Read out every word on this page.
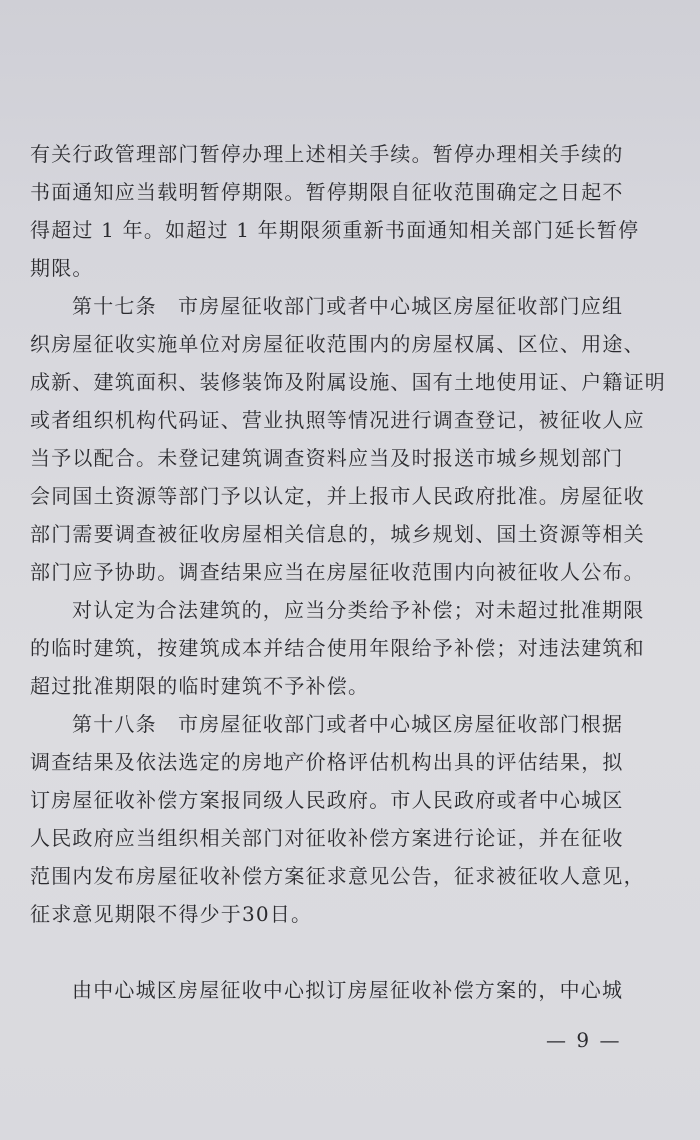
有关行政管理部门暂停办理上述相关手续。暂停办理相关手续的
书面通知应当载明暂停期限。暂停期限自征收范围确定之日起不
得超过 1 年。如超过 1 年期限须重新书面通知相关部门延长暂停
期限。
第十七条　市房屋征收部门或者中心城区房屋征收部门应组
织房屋征收实施单位对房屋征收范围内的房屋权属、区位、用途、
成新、建筑面积、装修装饰及附属设施、国有土地使用证、户籍证明
或者组织机构代码证、营业执照等情况进行调查登记，被征收人应
当予以配合。未登记建筑调查资料应当及时报送市城乡规划部门
会同国土资源等部门予以认定，并上报市人民政府批准。房屋征收
部门需要调查被征收房屋相关信息的，城乡规划、国土资源等相关
部门应予协助。调查结果应当在房屋征收范围内向被征收人公布。
对认定为合法建筑的，应当分类给予补偿；对未超过批准期限
的临时建筑，按建筑成本并结合使用年限给予补偿；对违法建筑和
超过批准期限的临时建筑不予补偿。
第十八条　市房屋征收部门或者中心城区房屋征收部门根据
调查结果及依法选定的房地产价格评估机构出具的评估结果，拟
订房屋征收补偿方案报同级人民政府。市人民政府或者中心城区
人民政府应当组织相关部门对征收补偿方案进行论证，并在征收
范围内发布房屋征收补偿方案征求意见公告，征求被征收人意见，
征求意见期限不得少于30日。
由中心城区房屋征收中心拟订房屋征收补偿方案的，中心城
— 9 —
